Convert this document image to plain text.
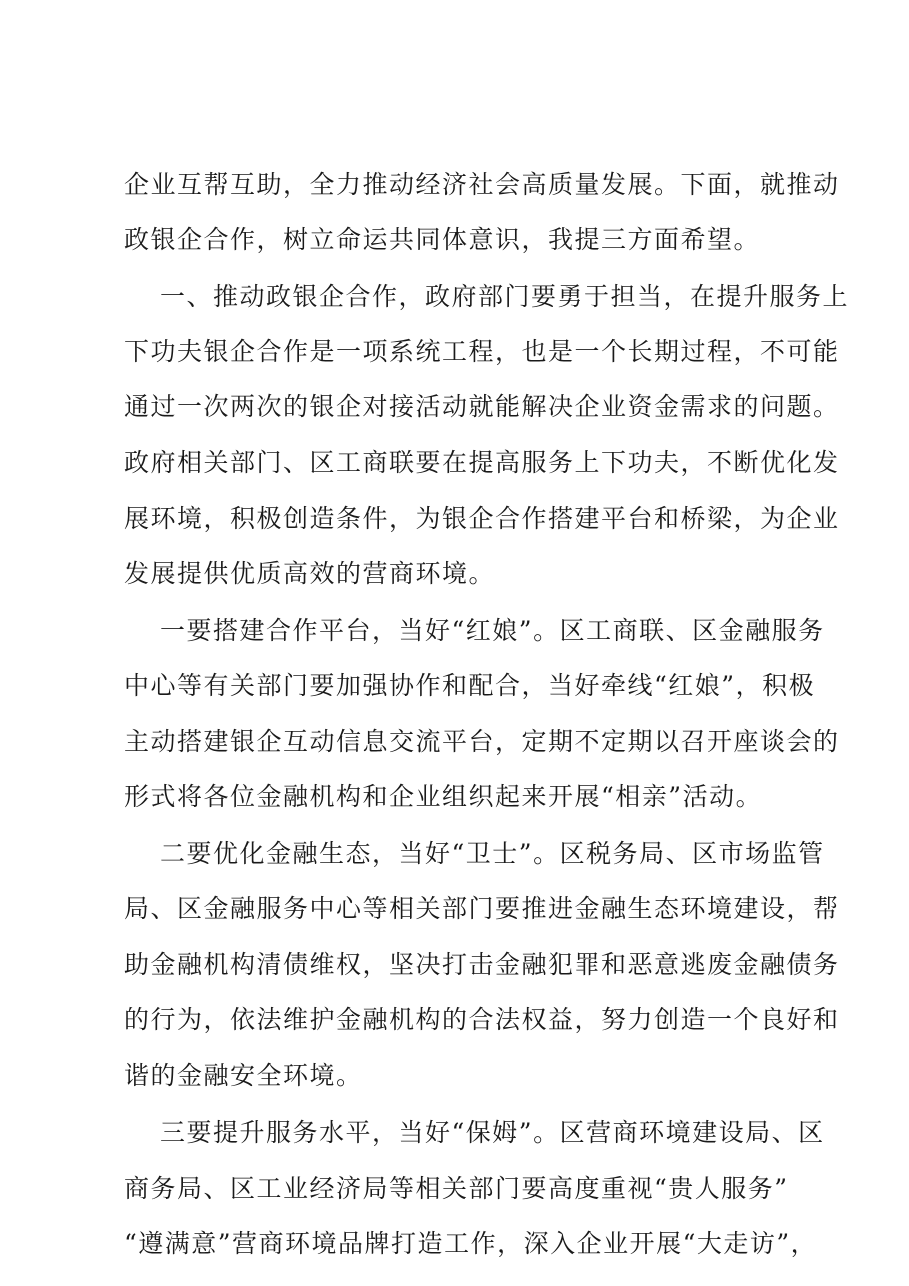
企业互帮互助，全力推动经济社会高质量发展。下面，就推动
政银企合作，树立命运共同体意识，我提三方面希望。
一、推动政银企合作，政府部门要勇于担当，在提升服务上
下功夫银企合作是一项系统工程，也是一个长期过程，不可能
通过一次两次的银企对接活动就能解决企业资金需求的问题。
政府相关部门、区工商联要在提高服务上下功夫，不断优化发
展环境，积极创造条件，为银企合作搭建平台和桥梁，为企业
发展提供优质高效的营商环境。
一要搭建合作平台，当好“红娘”。区工商联、区金融服务
中心等有关部门要加强协作和配合，当好牵线“红娘”，积极
主动搭建银企互动信息交流平台，定期不定期以召开座谈会的
形式将各位金融机构和企业组织起来开展“相亲”活动。
二要优化金融生态，当好“卫士”。区税务局、区市场监管
局、区金融服务中心等相关部门要推进金融生态环境建设，帮
助金融机构清债维权，坚决打击金融犯罪和恶意逃废金融债务
的行为，依法维护金融机构的合法权益，努力创造一个良好和
谐的金融安全环境。
三要提升服务水平，当好“保姆”。区营商环境建设局、区
商务局、区工业经济局等相关部门要高度重视“贵人服务”
“遵满意”营商环境品牌打造工作，深入企业开展“大走访”，
